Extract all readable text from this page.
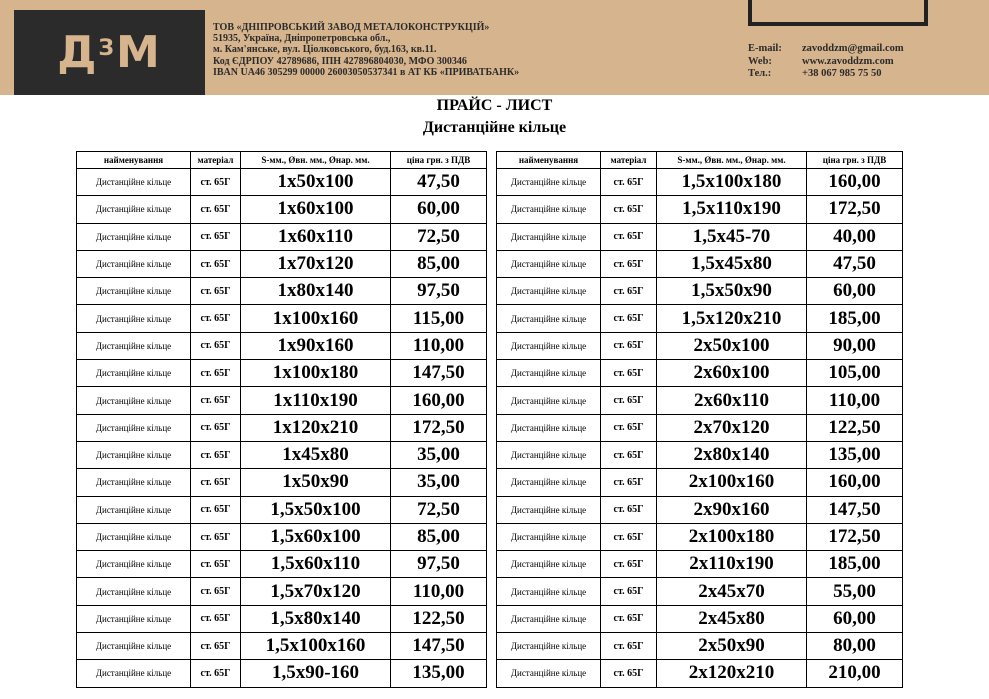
$Д^З$ М	ТОВ «ДНІПРОВСЬКИЙ ЗАВОД МЕТАЛОКОНСТРУКЦІЙ»
51935, Україна, Дніпропетровська обл.,
м. Кам'янське, вул. Ціолковського, буд.163, кв.11.
Код ЄДРПОУ 42789686, ІПН 427896804030, МФО 300346
IBAN UA46 305299 00000 26003050537341 в АТ КБ «ПРИВАТБАНК»
E-mail:	zavoddzm@gmail.com
Web:	www.zavoddzm.com
Тел.:	+38 067 985 75 50
ПРАЙС - ЛИСТ
Дистанційне кільце
найменування	матеріал	S-мм., Øвн. мм., Øнар. мм.	ціна грн. з ПДВ
Дистанційне кільце	ст. 65Г	1x50x100	47,50
Дистанційне кільце	ст. 65Г	1x60x100	60,00
Дистанційне кільце	ст. 65Г	1x60x110	72,50
Дистанційне кільце	ст. 65Г	1x70x120	85,00
Дистанційне кільце	ст. 65Г	1x80x140	97,50
Дистанційне кільце	ст. 65Г	1x100x160	115,00
Дистанційне кільце	ст. 65Г	1x90x160	110,00
Дистанційне кільце	ст. 65Г	1x100x180	147,50
Дистанційне кільце	ст. 65Г	1x110x190	160,00
Дистанційне кільце	ст. 65Г	1x120x210	172,50
Дистанційне кільце	ст. 65Г	1x45x80	35,00
Дистанційне кільце	ст. 65Г	1x50x90	35,00
Дистанційне кільце	ст. 65Г	1,5x50x100	72,50
Дистанційне кільце	ст. 65Г	1,5x60x100	85,00
Дистанційне кільце	ст. 65Г	1,5x60x110	97,50
Дистанційне кільце	ст. 65Г	1,5x70x120	110,00
Дистанційне кільце	ст. 65Г	1,5x80x140	122,50
Дистанційне кільце	ст. 65Г	1,5x100x160	147,50
Дистанційне кільце	ст. 65Г	1,5x90-160	135,00
найменування	матеріал	S-мм., Øвн. мм., Øнар. мм.	ціна грн. з ПДВ
Дистанційне кільце	ст. 65Г	1,5x100x180	160,00
Дистанційне кільце	ст. 65Г	1,5x110x190	172,50
Дистанційне кільце	ст. 65Г	1,5x45-70	40,00
Дистанційне кільце	ст. 65Г	1,5x45x80	47,50
Дистанційне кільце	ст. 65Г	1,5x50x90	60,00
Дистанційне кільце	ст. 65Г	1,5x120x210	185,00
Дистанційне кільце	ст. 65Г	2x50x100	90,00
Дистанційне кільце	ст. 65Г	2x60x100	105,00
Дистанційне кільце	ст. 65Г	2x60x110	110,00
Дистанційне кільце	ст. 65Г	2x70x120	122,50
Дистанційне кільце	ст. 65Г	2x80x140	135,00
Дистанційне кільце	ст. 65Г	2x100x160	160,00
Дистанційне кільце	ст. 65Г	2x90x160	147,50
Дистанційне кільце	ст. 65Г	2x100x180	172,50
Дистанційне кільце	ст. 65Г	2x110x190	185,00
Дистанційне кільце	ст. 65Г	2x45x70	55,00
Дистанційне кільце	ст. 65Г	2x45x80	60,00
Дистанційне кільце	ст. 65Г	2x50x90	80,00
Дистанційне кільце	ст. 65Г	2x120x210	210,00
